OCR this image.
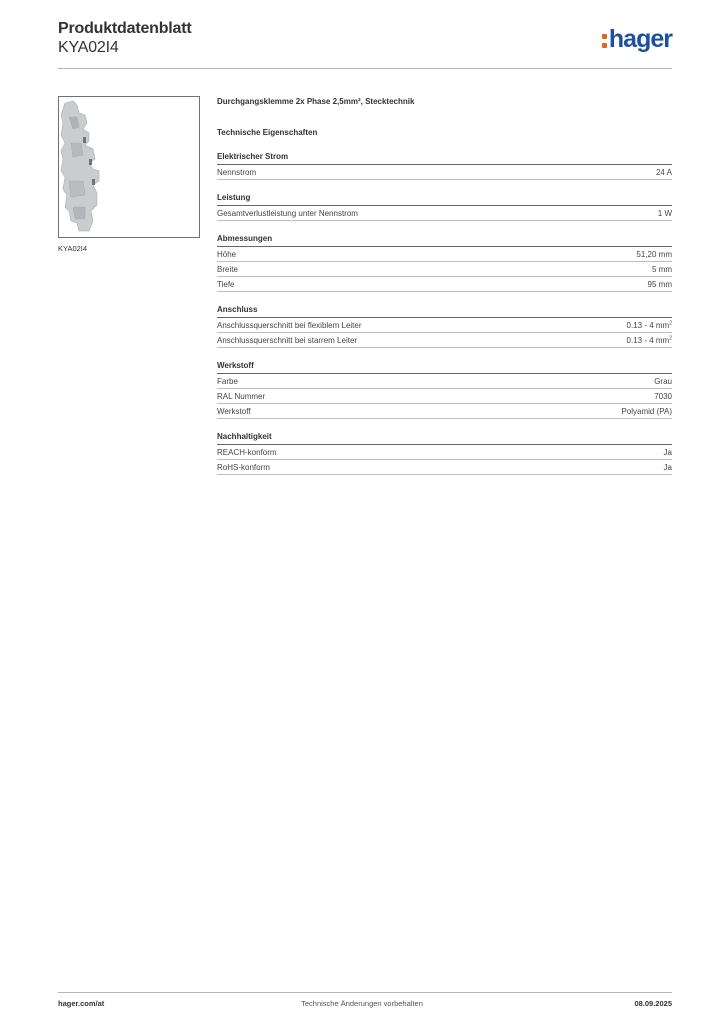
Produktdatenblatt
KYA02I4	hager
KYA02I4
Durchgangsklemme 2x Phase 2,5mm², Stecktechnik
Technische Eigenschaften
Elektrischer Strom
Nennstrom	24 A
Leistung
Gesamtverlustleistung unter Nennstrom	1 W
Abmessungen
Höhe	51,20 mm
Breite	5 mm
Tiefe	95 mm
Anschluss
Anschlussquerschnitt bei flexiblem Leiter	0.13 - 4 $mm^2$
Anschlussquerschnitt bei starrem Leiter	0.13 - 4 $mm^2$
Werkstoff
Farbe	Grau
RAL Nummer	7030
Werkstoff	Polyamid (PA)
Nachhaltigkeit
REACH-konform	Ja
RoHS-konform	Ja
hager.com/at	Technische Änderungen vorbehalten	08.09.2025
